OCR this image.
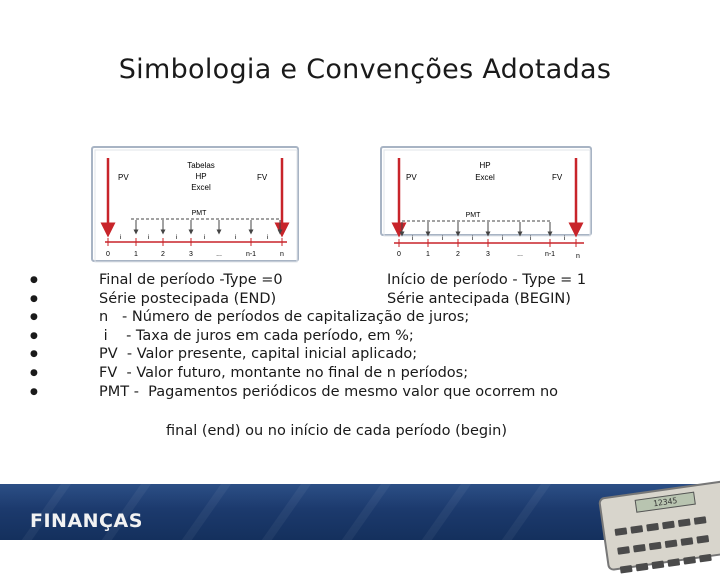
Simbologia e Convenções Adotadas
PV	FV
Tabelas
HP
Excel
PMT
i	i	i	i	i	i
0	1	2	3	...	n-1	n
PV	FV
HP
Excel
PMT
i	i	i	i	i	i
0	1	2	3	...	n-1	n
●	Final de período -Type =0	Início de período - Type = 1
●	Série postecipada (END)	Série antecipada (BEGIN)
●	n   - Número de períodos de capitalização de juros;
●	i    - Taxa de juros em cada período, em %;
●	PV  - Valor presente, capital inicial aplicado;
●	FV  - Valor futuro, montante no final de n períodos;
●	PMT -  Pagamentos periódicos de mesmo valor que ocorrem no
final (end) ou no início de cada período (begin)
FINANÇAS
12345
